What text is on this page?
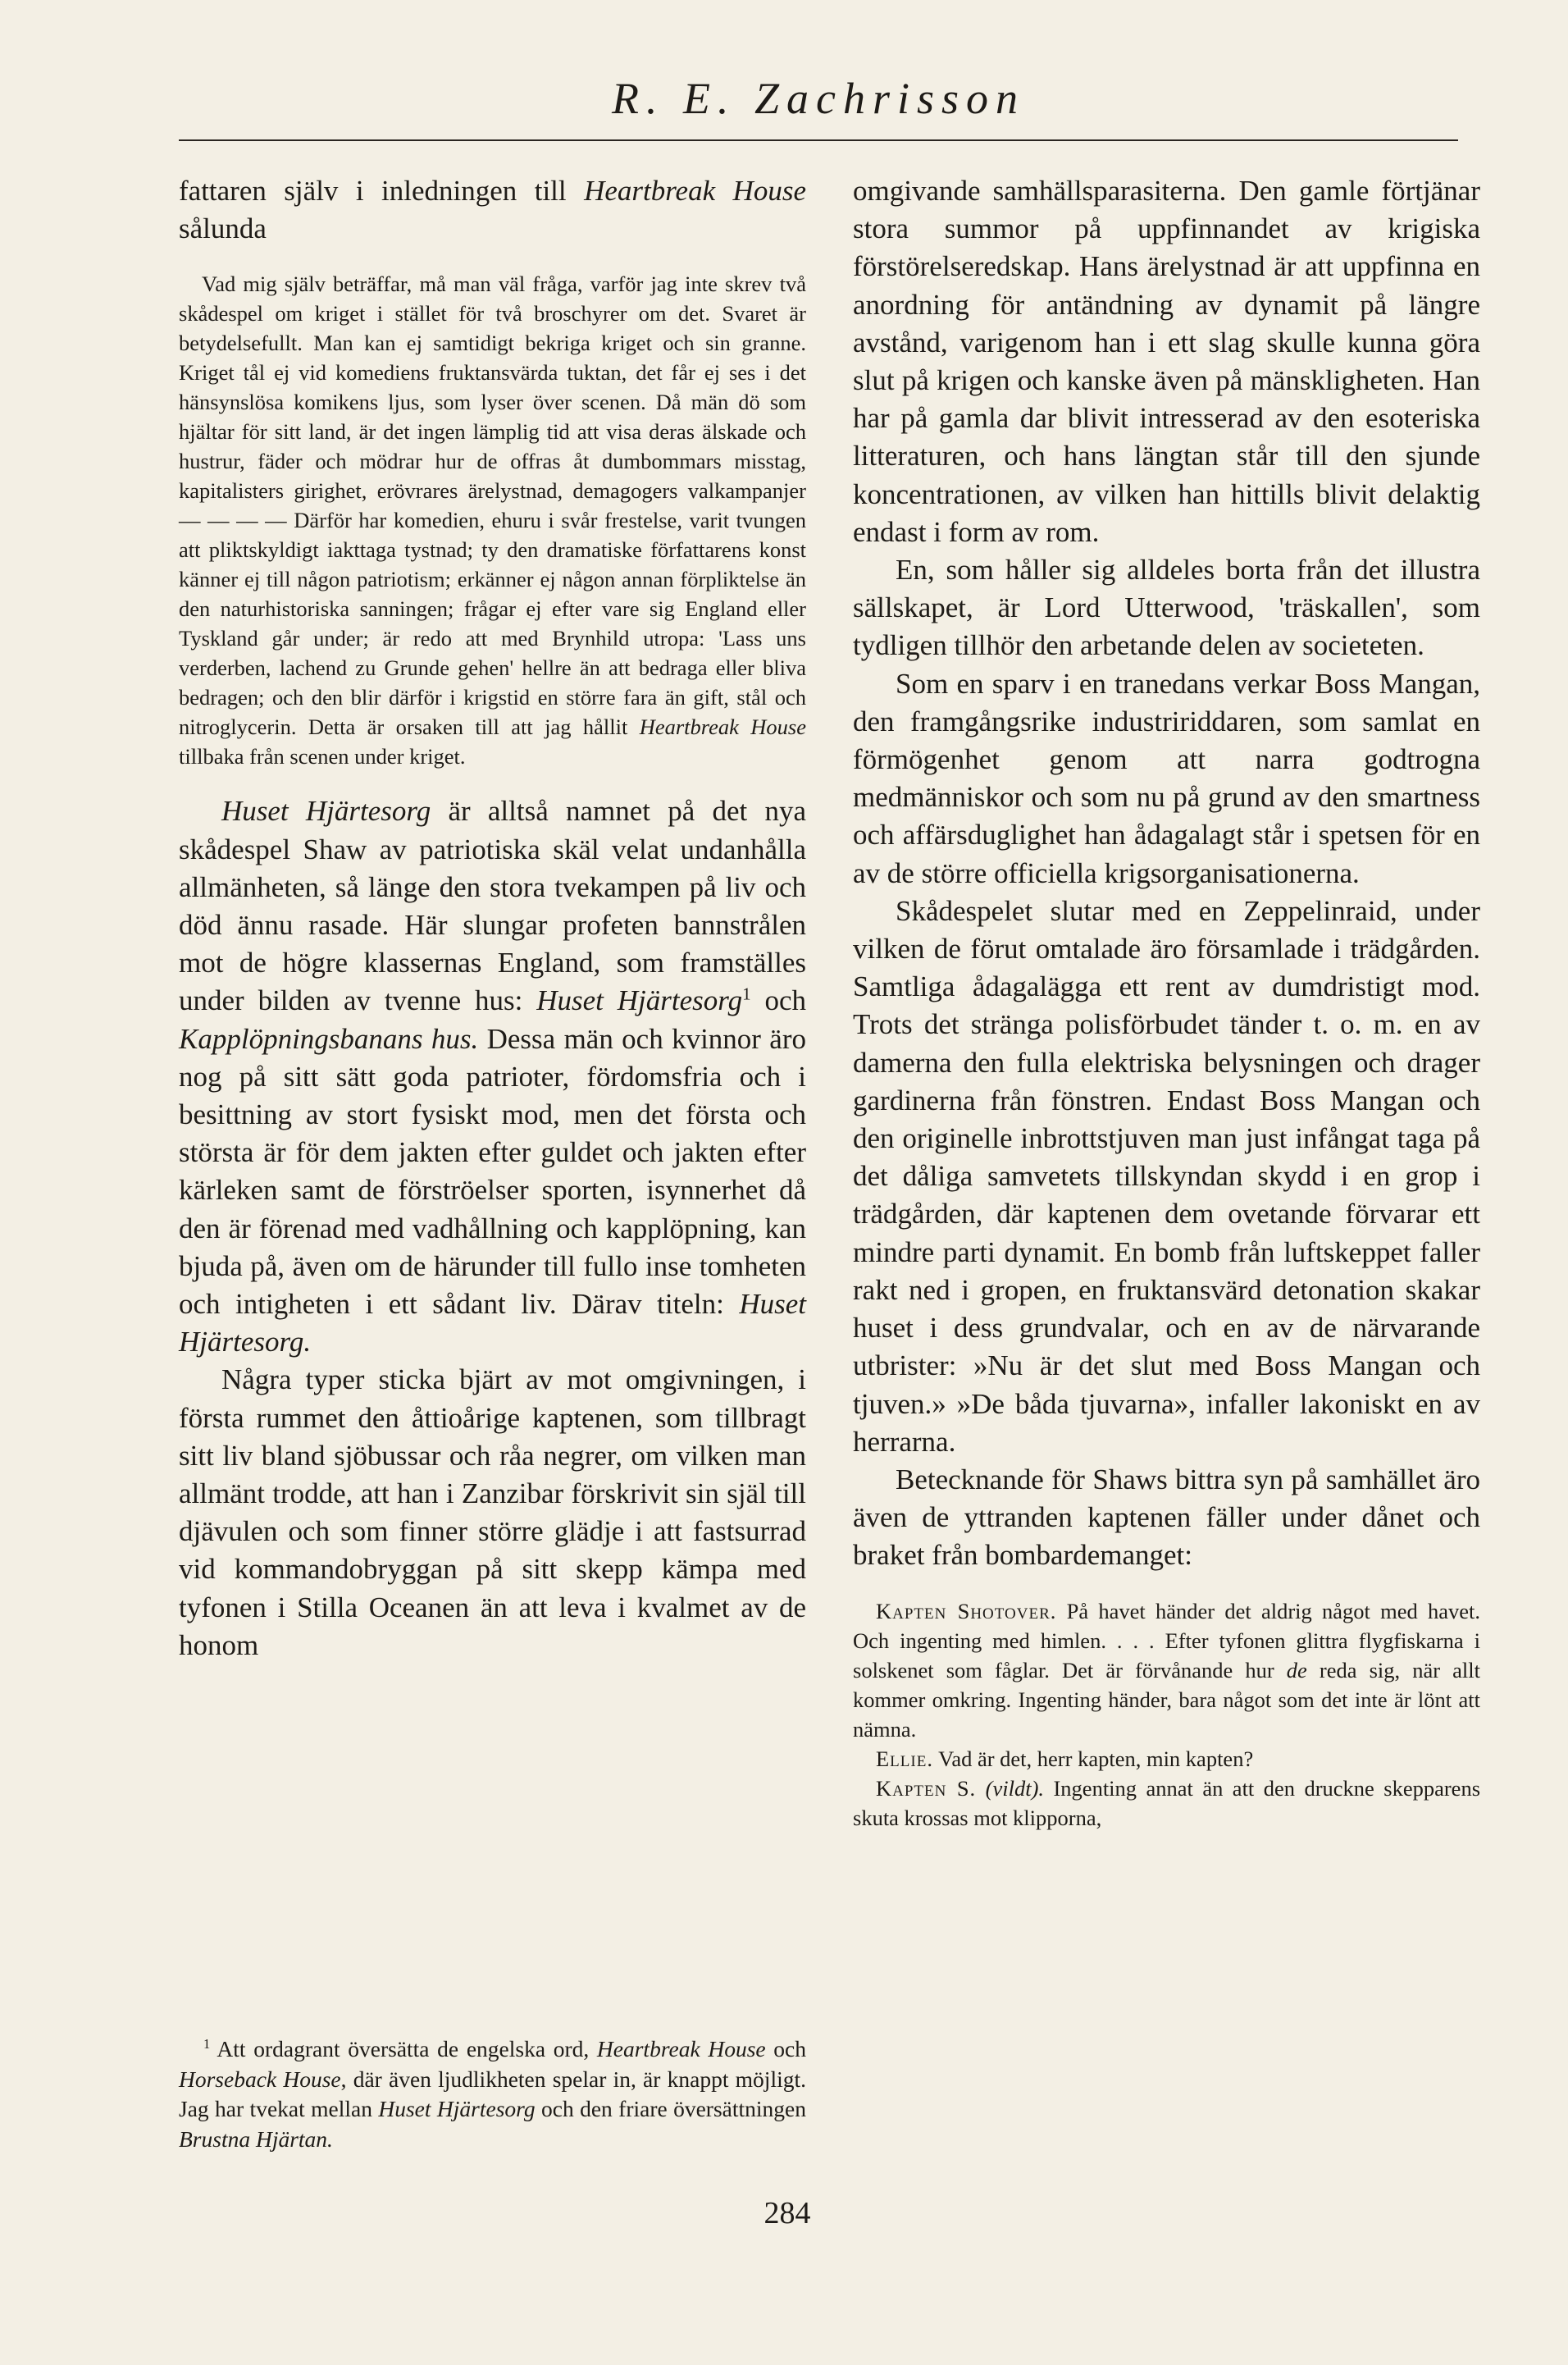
R. E. Zachrisson

fattaren själv i inledningen till Heartbreak House sålunda

Vad mig själv beträffar, må man väl fråga, varför jag inte skrev två skådespel om kriget i stället för två broschyrer om det. Svaret är betydelsefullt. Man kan ej samtidigt bekriga kriget och sin granne. Kriget tål ej vid komediens fruktansvärda tuktan, det får ej ses i det hänsynslösa komikens ljus, som lyser över scenen. Då män dö som hjältar för sitt land, är det ingen lämplig tid att visa deras älskade och hustrur, fäder och mödrar hur de offras åt dumbommars misstag, kapitalisters girighet, erövrares ärelystnad, demagogers valkampanjer — — — — Därför har komedien, ehuru i svår frestelse, varit tvungen att pliktskyldigt iakttaga tystnad; ty den dramatiske författarens konst känner ej till någon patriotism; erkänner ej någon annan förpliktelse än den naturhistoriska sanningen; frågar ej efter vare sig England eller Tyskland går under; är redo att med Brynhild utropa: 'Lass uns verderben, lachend zu Grunde gehen' hellre än att bedraga eller bliva bedragen; och den blir därför i krigstid en större fara än gift, stål och nitroglycerin. Detta är orsaken till att jag hållit Heartbreak House tillbaka från scenen under kriget.

Huset Hjärtesorg är alltså namnet på det nya skådespel Shaw av patriotiska skäl velat undanhålla allmänheten, så länge den stora tvekampen på liv och död ännu rasade. Här slungar profeten bannstrålen mot de högre klassernas England, som framställes under bilden av tvenne hus: Huset Hjärtesorg$^1$ och Kapplöpningsbanans hus. Dessa män och kvinnor äro nog på sitt sätt goda patrioter, fördomsfria och i besittning av stort fysiskt mod, men det första och största är för dem jakten efter guldet och jakten efter kärleken samt de förströelser sporten, isynnerhet då den är förenad med vadhållning och kapplöpning, kan bjuda på, även om de härunder till fullo inse tomheten och intigheten i ett sådant liv. Därav titeln: Huset Hjärtesorg.

Några typer sticka bjärt av mot omgivningen, i första rummet den åttioårige kaptenen, som tillbragt sitt liv bland sjöbussar och råa negrer, om vilken man allmänt trodde, att han i Zanzibar förskrivit sin själ till djävulen och som finner större glädje i att fastsurrad vid kommandobryggan på sitt skepp kämpa med tyfonen i Stilla Oceanen än att leva i kvalmet av de honom

$^1$ Att ordagrant översätta de engelska ord, Heartbreak House och Horseback House, där även ljudlikheten spelar in, är knappt möjligt. Jag har tvekat mellan Huset Hjärtesorg och den friare översättningen Brustna Hjärtan.

omgivande samhällsparasiterna. Den gamle förtjänar stora summor på uppfinnandet av krigiska förstörelseredskap. Hans ärelystnad är att uppfinna en anordning för antändning av dynamit på längre avstånd, varigenom han i ett slag skulle kunna göra slut på krigen och kanske även på mänskligheten. Han har på gamla dar blivit intresserad av den esoteriska litteraturen, och hans längtan står till den sjunde koncentrationen, av vilken han hittills blivit delaktig endast i form av rom.

En, som håller sig alldeles borta från det illustra sällskapet, är Lord Utterwood, 'träskallen', som tydligen tillhör den arbetande delen av societeten.

Som en sparv i en tranedans verkar Boss Mangan, den framgångsrike industririddaren, som samlat en förmögenhet genom att narra godtrogna medmänniskor och som nu på grund av den smartness och affärsduglighet han ådagalagt står i spetsen för en av de större officiella krigsorganisationerna.

Skådespelet slutar med en Zeppelinraid, under vilken de förut omtalade äro församlade i trädgården. Samtliga ådagalägga ett rent av dumdristigt mod. Trots det stränga polisförbudet tänder t. o. m. en av damerna den fulla elektriska belysningen och drager gardinerna från fönstren. Endast Boss Mangan och den originelle inbrottstjuven man just infångat taga på det dåliga samvetets tillskyndan skydd i en grop i trädgården, där kaptenen dem ovetande förvarar ett mindre parti dynamit. En bomb från luftskeppet faller rakt ned i gropen, en fruktansvärd detonation skakar huset i dess grundvalar, och en av de närvarande utbrister: »Nu är det slut med Boss Mangan och tjuven.» »De båda tjuvarna», infaller lakoniskt en av herrarna.

Betecknande för Shaws bittra syn på samhället äro även de yttranden kaptenen fäller under dånet och braket från bombardemanget:

Kapten Shotover. På havet händer det aldrig något med havet. Och ingenting med himlen. . . . Efter tyfonen glittra flygfiskarna i solskenet som fåglar. Det är förvånande hur de reda sig, när allt kommer omkring. Ingenting händer, bara något som det inte är lönt att nämna.

Ellie. Vad är det, herr kapten, min kapten?

Kapten S. (vildt). Ingenting annat än att den druckne skepparens skuta krossas mot klipporna,

284
